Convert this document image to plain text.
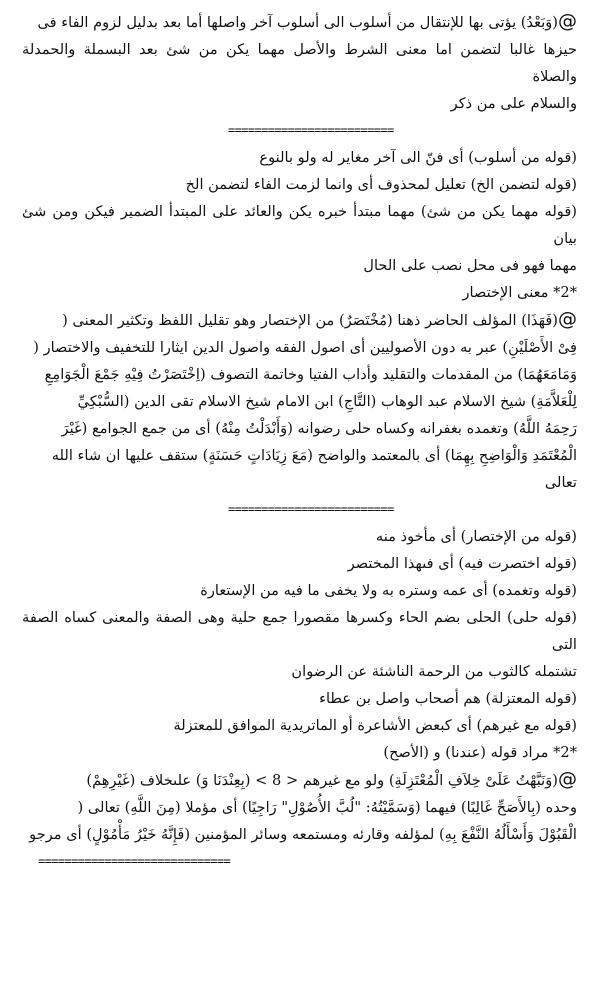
@(وَبَعْدُ) يؤتى بها للإنتقال من أسلوب الى أسلوب آخر واصلها أما بعد بدليل لزوم الفاء فى

حيزها غالبا لتضمن اما معنى الشرط والأصل مهما يكن من شئ بعد البسملة والحمدلة والصلاة

والسلام على من ذكر

=========================

(قوله من أسلوب) أى فنّ الى آخر مغاير له ولو بالنوع

(قوله لتضمن الخ) تعليل لمحذوف أى وانما لزمت الفاء لتضمن الخ

(قوله مهما يكن من شئ) مهما مبتدأ خبره يكن والعائد على المبتدأ الضمير فيكن ومن شئ بيان

مهما فهو فى محل نصب على الحال

*2* معنى الإختصار

@(فَهَذَا) المؤلف الحاضر ذهنا (مُخْتَصَرٌ) من الإختصار وهو تقليل اللفظ وتكثير المعنى (

فِىْ الأَصْلَيْنِ) عبر به دون الأصوليين أى اصول الفقه واصول الدين ايثارا للتخفيف والاختصار (

وَمَامَعَهُمَا) من المقدمات والتقليد وأداب الفتيا وخاتمة التصوف (اِخْتَصَرْتُ فِيْهِ جَمْعَ الْجَوَامِعِ

لِلْعَلاَّمَةِ) شيخ الاسلام عبد الوهاب (التَّاجِ) ابن الامام شيخ الاسلام تقى الدين (السُّبْكِيِّ

رَحِمَهُ اللَّهُ) وتغمده بغفرانه وكساه حلى رضوانه (وَأَبْدَلْتُ مِنْهُ) أى من جمع الجوامع (غَيْرَ

الْمُعْتَمَدِ وَالْوَاضِحِ بِهِمَا) أى بالمعتمد والواضح (مَعَ زِيَادَاتٍ حَسَنَةٍ) ستقف عليها ان شاء الله

تعالى

=========================

(قوله من الإختصار) أى مأخوذ منه

(قوله اختصرت فيه) أى فىهذا المختصر

(قوله وتغمده) أى عمه وستره به ولا يخفى ما فيه من الإستعارة

(قوله حلى) الحلى بضم الحاء وكسرها مقصورا جمع حلية وهى الصفة والمعنى كساه الصفة التى

تشتمله كالثوب من الرحمة الناشئة عن الرضوان

(قوله المعتزلة) هم أصحاب واصل بن عطاء

(قوله مع غيرهم) أى كبعض الأشاعرة أو الماتريدية الموافق للمعتزلة

*2* مراد قوله (عندنا) و (الأصح)

@(وَنَبَّهْتُ عَلَىْ خِلاَفِ الْمُعْتَزِلَةِ) ولو مع غيرهم < 8 > (بِعِنْدَنَا وَ) علىخلاف (غَيْرِهِمْ)

وحده (بِالأَصَحِّ غَالِبًا) فيهما (وَسَمَّيْتُهُ: "لُبَّ الأُصُوْلِ" رَاجِيًا) أى مؤملا (مِنَ اللَّهِ) تعالى (

الْقَبُوْلَ وَأَسْأَلُهُ النَّفْعَ بِهِ) لمؤلفه وقارئه ومستمعه وسائر المؤمنين (فَإِنَّهُ خَيْرُ مَأْمُوْلٍ) أى مرجو

=============================
